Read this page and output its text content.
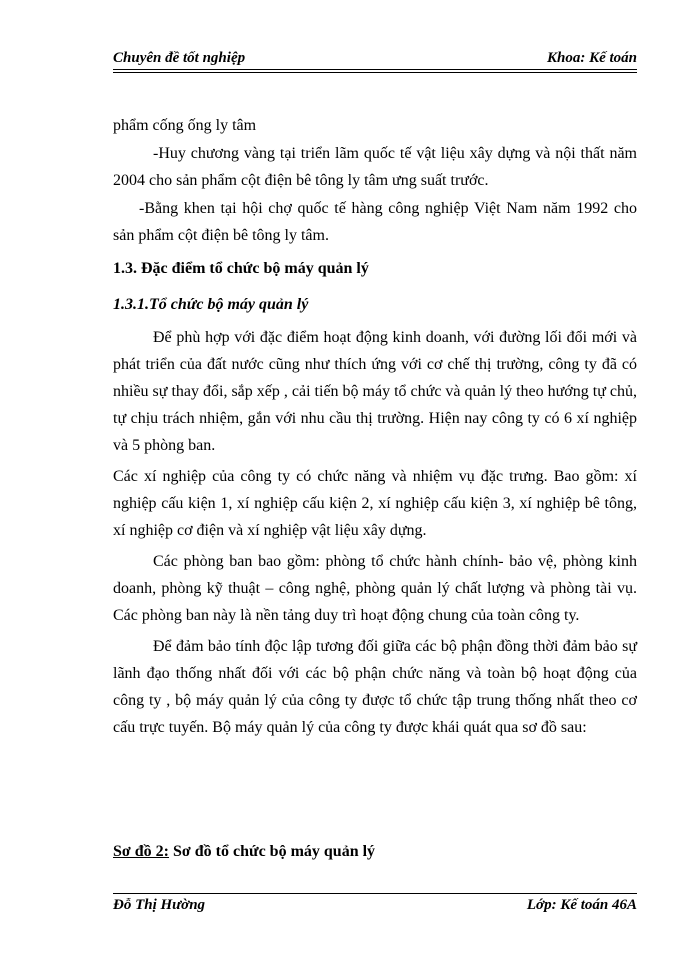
Chuyên đề tốt nghiệp	Khoa: Kế toán

phẩm cống ống ly tâm

-Huy chương vàng tại triển lãm quốc tế vật liệu xây dựng và nội thất năm 2004 cho sản phẩm cột điện bê tông ly tâm ưng suất trước.

-Bằng khen tại hội chợ quốc tế hàng công nghiệp Việt Nam năm 1992 cho sản phẩm cột điện bê tông ly tâm.

1.3. Đặc điểm tổ chức bộ máy quản lý
1.3.1.Tổ chức bộ máy quản lý

Để phù hợp với đặc điểm hoạt động kinh doanh, với đường lối đổi mới và phát triển của đất nước cũng như thích ứng với cơ chế thị trường, công ty đã có nhiều sự thay đổi, sắp xếp , cải tiến bộ máy tổ chức và quản lý theo hướng tự chủ, tự chịu trách nhiệm, gắn với nhu cầu thị trường. Hiện nay công ty có 6 xí nghiệp và 5 phòng ban.

Các xí nghiệp của công ty có chức năng và nhiệm vụ đặc trưng. Bao gồm: xí nghiệp cấu kiện 1, xí nghiệp cấu kiện 2, xí nghiệp cấu kiện 3, xí nghiệp bê tông, xí nghiệp cơ điện và xí nghiệp vật liệu xây dựng.

Các phòng ban bao gồm: phòng tổ chức hành chính- bảo vệ, phòng kinh doanh, phòng kỹ thuật – công nghệ, phòng quản lý chất lượng và phòng tài vụ. Các phòng ban này là nền tảng duy trì hoạt động chung của toàn công ty.

Để đảm bảo tính độc lập tương đối giữa các bộ phận đồng thời đảm bảo sự lãnh đạo thống nhất đối với các bộ phận chức năng và toàn bộ hoạt động của công ty , bộ máy quản lý của công ty được tổ chức tập trung thống nhất theo cơ cấu trực tuyến. Bộ máy quản lý của công ty được khái quát qua sơ đồ sau:

Sơ đồ 2: Sơ đồ tổ chức bộ máy quản lý
Đỗ Thị Hường	Lớp: Kế toán 46A
